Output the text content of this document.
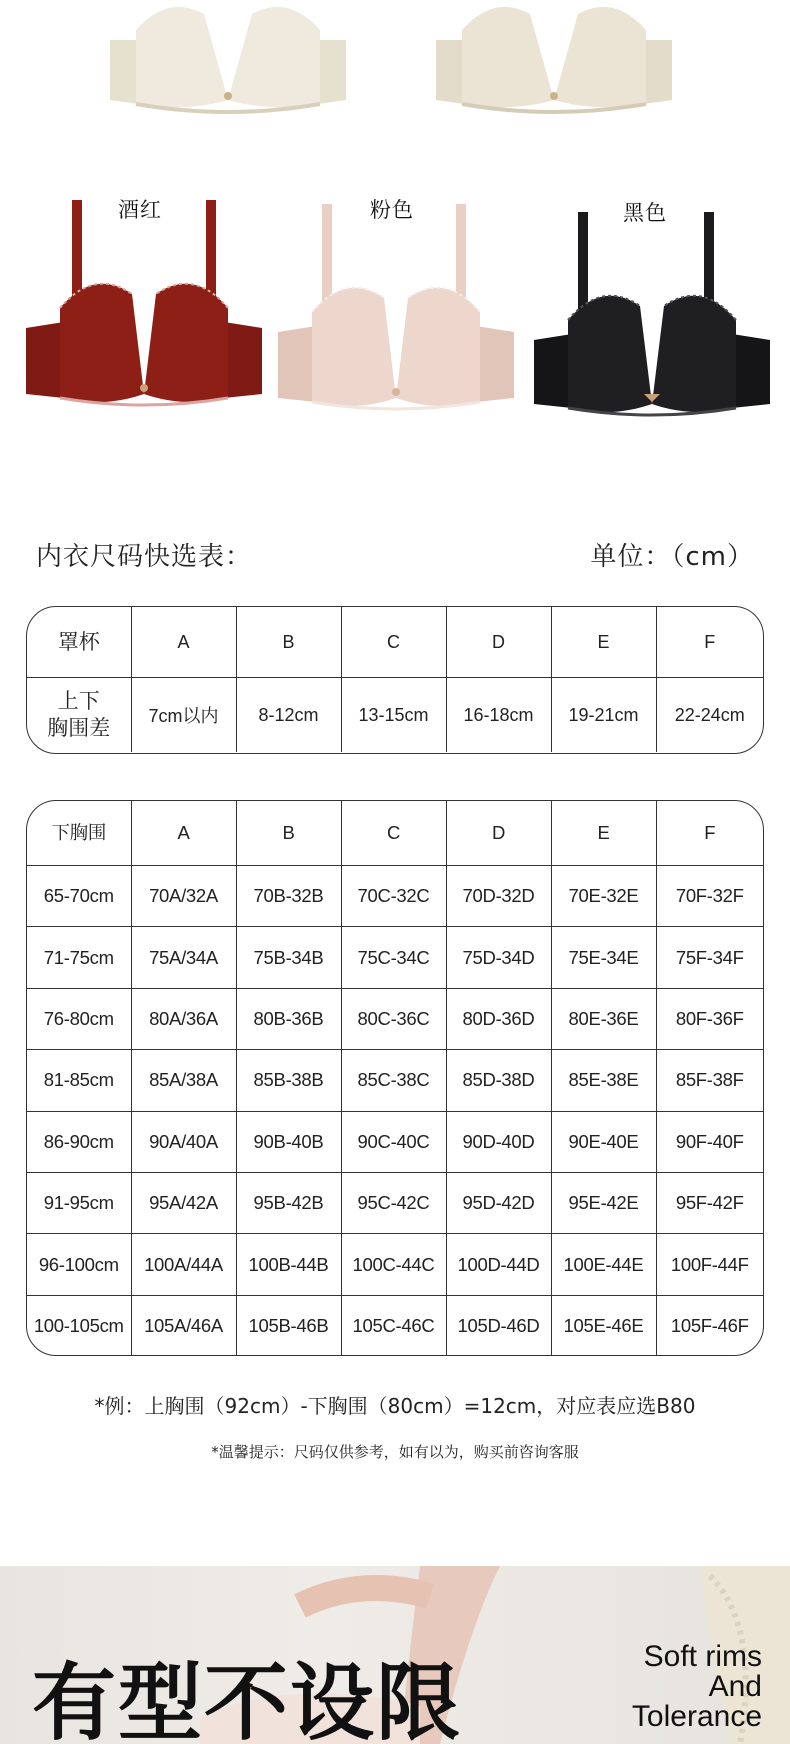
酒红	粉色	黑色
内衣尺码快选表：	单位：（cm）
罩杯	A	B	C	D	E	F

上下
胸围差	7cm以内	8-12cm	13-15cm	16-18cm	19-21cm	22-24cm
下胸围	A	B	C	D	E	F
65-70cm	70A/32A	70B-32B	70C-32C	70D-32D	70E-32E	70F-32F
71-75cm	75A/34A	75B-34B	75C-34C	75D-34D	75E-34E	75F-34F
76-80cm	80A/36A	80B-36B	80C-36C	80D-36D	80E-36E	80F-36F
81-85cm	85A/38A	85B-38B	85C-38C	85D-38D	85E-38E	85F-38F
86-90cm	90A/40A	90B-40B	90C-40C	90D-40D	90E-40E	90F-40F
91-95cm	95A/42A	95B-42B	95C-42C	95D-42D	95E-42E	95F-42F
96-100cm	100A/44A	100B-44B	100C-44C	100D-44D	100E-44E	100F-44F
100-105cm	105A/46A	105B-46B	105C-46C	105D-46D	105E-46E	105F-46F
*例：上胸围（92cm）-下胸围（80cm）=12cm，对应表应选B80
*温馨提示：尺码仅供参考，如有以为，购买前咨询客服
有型不设限	Soft rims
And
Tolerance
